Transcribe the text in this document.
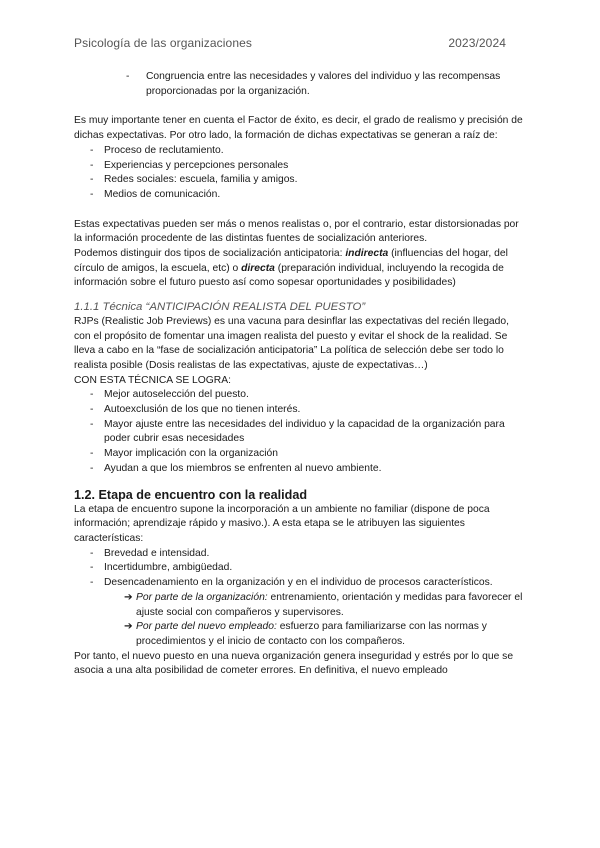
Psicología de las organizaciones	2023/2024
- Congruencia entre las necesidades y valores del individuo y las recompensas proporcionadas por la organización.

Es muy importante tener en cuenta el Factor de éxito, es decir, el grado de realismo y precisión de dichas expectativas. Por otro lado, la formación de dichas expectativas se generan a raíz de:

- Proceso de reclutamiento.
- Experiencias y percepciones personales
- Redes sociales: escuela, familia y amigos.
- Medios de comunicación.

Estas expectativas pueden ser más o menos realistas o, por el contrario, estar distorsionadas por la información procedente de las distintas fuentes de socialización anteriores.

Podemos distinguir dos tipos de socialización anticipatoria: indirecta (influencias del hogar, del círculo de amigos, la escuela, etc) o directa (preparación individual, incluyendo la recogida de información sobre el futuro puesto así como sopesar oportunidades y posibilidades)

1.1.1 Técnica “ANTICIPACIÓN REALISTA DEL PUESTO”

RJPs (Realistic Job Previews) es una vacuna para desinflar las expectativas del recién llegado, con el propósito de fomentar una imagen realista del puesto y evitar el shock de la realidad. Se lleva a cabo en la “fase de socialización anticipatoria” La política de selección debe ser todo lo realista posible (Dosis realistas de las expectativas, ajuste de expectativas…)

CON ESTA TÉCNICA SE LOGRA:

- Mejor autoselección del puesto.
- Autoexclusión de los que no tienen interés.
- Mayor ajuste entre las necesidades del individuo y la capacidad de la organización para poder cubrir esas necesidades
- Mayor implicación con la organización
- Ayudan a que los miembros se enfrenten al nuevo ambiente.
1.2. Etapa de encuentro con la realidad

La etapa de encuentro supone la incorporación a un ambiente no familiar (dispone de poca información; aprendizaje rápido y masivo.). A esta etapa se le atribuyen las siguientes características:

- Brevedad e intensidad.
- Incertidumbre, ambigüedad.
- Desencadenamiento en la organización y en el individuo de procesos característicos.
➔ Por parte de la organización: entrenamiento, orientación y medidas para favorecer el ajuste social con compañeros y supervisores.
➔ Por parte del nuevo empleado: esfuerzo para familiarizarse con las normas y procedimientos y el inicio de contacto con los compañeros.

Por tanto, el nuevo puesto en una nueva organización genera inseguridad y estrés por lo que se asocia a una alta posibilidad de cometer errores. En definitiva, el nuevo empleado
